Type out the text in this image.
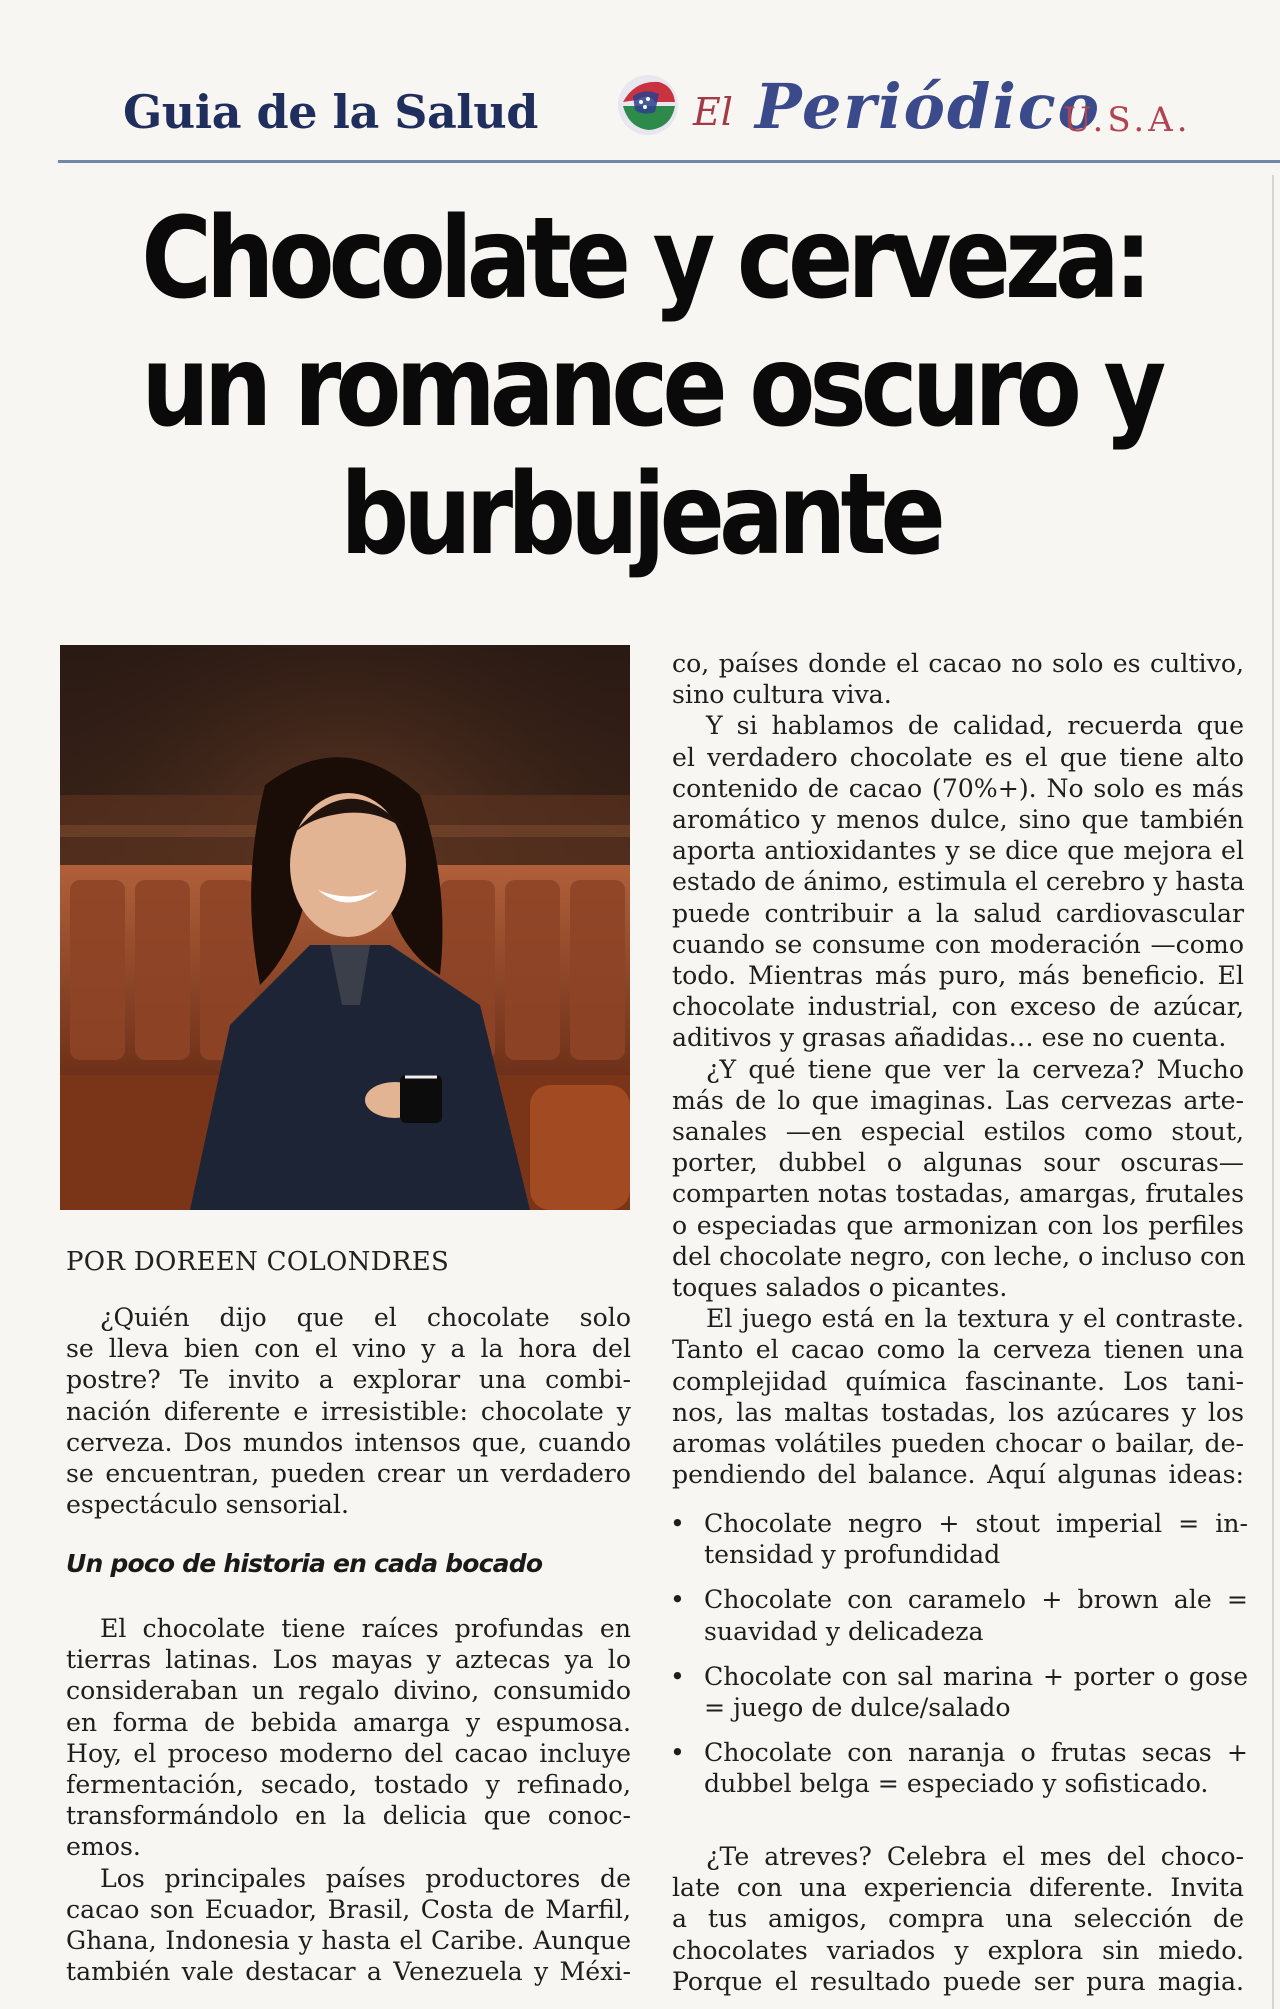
Guia de la Salud	El Periódico
U.S.A.
Chocolate y cerveza:
un romance oscuro y
burbujeante
POR DOREEN COLONDRES
¿Quién dijo que el chocolate solo
se lleva bien con el vino y a la hora del
postre? Te invito a explorar una combi-
nación diferente e irresistible: chocolate y
cerveza. Dos mundos intensos que, cuando
se encuentran, pueden crear un verdadero
espectáculo sensorial.
Un poco de historia en cada bocado
El chocolate tiene raíces profundas en
tierras latinas. Los mayas y aztecas ya lo
consideraban un regalo divino, consumido
en forma de bebida amarga y espumosa.
Hoy, el proceso moderno del cacao incluye
fermentación, secado, tostado y refinado,
transformándolo en la delicia que conoc-
emos.
Los principales países productores de
cacao son Ecuador, Brasil, Costa de Marfil,
Ghana, Indonesia y hasta el Caribe. Aunque
también vale destacar a Venezuela y Méxi-
co, países donde el cacao no solo es cultivo,
sino cultura viva.
Y si hablamos de calidad, recuerda que
el verdadero chocolate es el que tiene alto
contenido de cacao (70%+). No solo es más
aromático y menos dulce, sino que también
aporta antioxidantes y se dice que mejora el
estado de ánimo, estimula el cerebro y hasta
puede contribuir a la salud cardiovascular
cuando se consume con moderación —como
todo. Mientras más puro, más beneficio. El
chocolate industrial, con exceso de azúcar,
aditivos y grasas añadidas… ese no cuenta.
¿Y qué tiene que ver la cerveza? Mucho
más de lo que imaginas. Las cervezas arte-
sanales —en especial estilos como stout,
porter, dubbel o algunas sour oscuras—
comparten notas tostadas, amargas, frutales
o especiadas que armonizan con los perfiles
del chocolate negro, con leche, o incluso con
toques salados o picantes.
El juego está en la textura y el contraste.
Tanto el cacao como la cerveza tienen una
complejidad química fascinante. Los tani-
nos, las maltas tostadas, los azúcares y los
aromas volátiles pueden chocar o bailar, de-
pendiendo del balance. Aquí algunas ideas:
• Chocolate negro + stout imperial = in-
tensidad y profundidad
• Chocolate con caramelo + brown ale =
suavidad y delicadeza
• Chocolate con sal marina + porter o gose
= juego de dulce/salado
• Chocolate con naranja o frutas secas +
dubbel belga = especiado y sofisticado.
¿Te atreves? Celebra el mes del choco-
late con una experiencia diferente. Invita
a tus amigos, compra una selección de
chocolates variados y explora sin miedo.
Porque el resultado puede ser pura magia.
